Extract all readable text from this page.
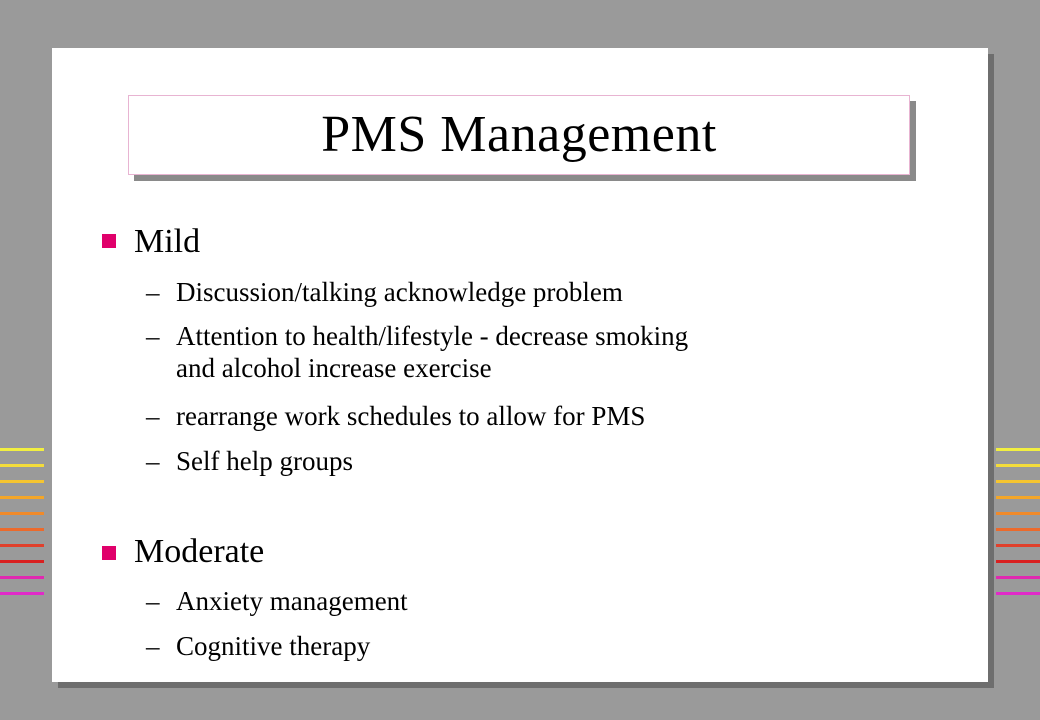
PMS Management
Mild
– Discussion/talking acknowledge problem
– Attention to health/lifestyle - decrease smoking
and alcohol increase exercise
– rearrange work schedules to allow for PMS
– Self help groups
Moderate
– Anxiety management
– Cognitive therapy
